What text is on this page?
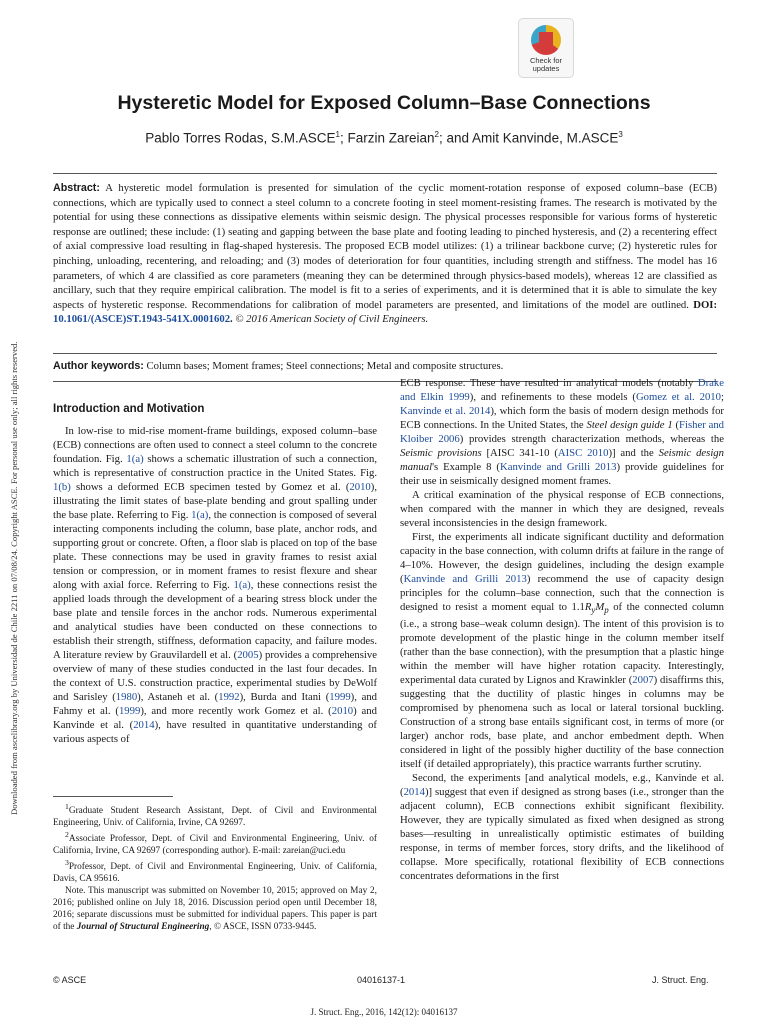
Downloaded from ascelibrary.org by Universidad de Chile 2211 on 07/08/24. Copyright ASCE. For personal use only; all rights reserved.
Check for
updates
Hysteretic Model for Exposed Column–Base Connections
Pablo Torres Rodas, S.M.ASCE$^1$; Farzin Zareian$^2$; and Amit Kanvinde, M.ASCE$^3$
Abstract: A hysteretic model formulation is presented for simulation of the cyclic moment-rotation response of exposed column–base (ECB) connections, which are typically used to connect a steel column to a concrete footing in steel moment-resisting frames. The research is motivated by the potential for using these connections as dissipative elements within seismic design. The physical processes responsible for various forms of hysteretic response are outlined; these include: (1) seating and gapping between the base plate and footing leading to pinched hysteresis, and (2) a recentering effect of axial compressive load resulting in flag-shaped hysteresis. The proposed ECB model utilizes: (1) a trilinear backbone curve; (2) hysteretic rules for pinching, unloading, recentering, and reloading; and (3) modes of deterioration for four quantities, including strength and stiffness. The model has 16 parameters, of which 4 are classified as core parameters (meaning they can be determined through physics-based models), whereas 12 are classified as ancillary, such that they require empirical calibration. The model is fit to a series of experiments, and it is determined that it is able to simulate the key aspects of hysteretic response. Recommendations for calibration of model parameters are presented, and limitations of the model are outlined. DOI: 10.1061/(ASCE)ST.1943-541X.0001602. © 2016 American Society of Civil Engineers.
Author keywords: Column bases; Moment frames; Steel connections; Metal and composite structures.
Introduction and Motivation

In low-rise to mid-rise moment-frame buildings, exposed column–base (ECB) connections are often used to connect a steel column to the concrete foundation. Fig. 1(a) shows a schematic illustration of such a connection, which is representative of construction practice in the United States. Fig. 1(b) shows a deformed ECB specimen tested by Gomez et al. (2010), illustrating the limit states of base-plate bending and grout spalling under the base plate. Referring to Fig. 1(a), the connection is composed of several interacting components including the column, base plate, anchor rods, and supporting grout or concrete. Often, a floor slab is placed on top of the base plate. These connections may be used in gravity frames to resist axial tension or compression, or in moment frames to resist flexure and shear along with axial force. Referring to Fig. 1(a), these connections resist the applied loads through the development of a bearing stress block under the base plate and tensile forces in the anchor rods. Numerous experimental and analytical studies have been conducted on these connections to establish their strength, stiffness, deformation capacity, and failure modes. A literature review by Grauvilardell et al. (2005) provides a comprehensive overview of many of these studies conducted in the last four decades. In the context of U.S. construction practice, experimental studies by DeWolf and Sarisley (1980), Astaneh et al. (1992), Burda and Itani (1999), and Fahmy et al. (1999), and more recently work Gomez et al. (2010) and Kanvinde et al. (2014), have resulted in quantitative understanding of various aspects of

$^1$Graduate Student Research Assistant, Dept. of Civil and Environmental Engineering, Univ. of California, Irvine, CA 92697.

$^2$Associate Professor, Dept. of Civil and Environmental Engineering, Univ. of California, Irvine, CA 92697 (corresponding author). E-mail: zareian@uci.edu

$^3$Professor, Dept. of Civil and Environmental Engineering, Univ. of California, Davis, CA 95616.

Note. This manuscript was submitted on November 10, 2015; approved on May 2, 2016; published online on July 18, 2016. Discussion period open until December 18, 2016; separate discussions must be submitted for individual papers. This paper is part of the Journal of Structural Engineering, © ASCE, ISSN 0733-9445.

ECB response. These have resulted in analytical models (notably Drake and Elkin 1999), and refinements to these models (Gomez et al. 2010; Kanvinde et al. 2014), which form the basis of modern design methods for ECB connections. In the United States, the Steel design guide 1 (Fisher and Kloiber 2006) provides strength characterization methods, whereas the Seismic provisions [AISC 341-10 (AISC 2010)] and the Seismic design manual's Example 8 (Kanvinde and Grilli 2013) provide guidelines for their use in seismically designed moment frames.

A critical examination of the physical response of ECB connections, when compared with the manner in which they are designed, reveals several inconsistencies in the design framework.

First, the experiments all indicate significant ductility and deformation capacity in the base connection, with column drifts at failure in the range of 4–10%. However, the design guidelines, including the design example (Kanvinde and Grilli 2013) recommend the use of capacity design principles for the column–base connection, such that the connection is designed to resist a moment equal to $1.1R_yM_p$ of the connected column (i.e., a strong base–weak column design). The intent of this provision is to promote development of the plastic hinge in the column member itself (rather than the base connection), with the presumption that a plastic hinge within the member will have higher rotation capacity. Interestingly, experimental data curated by Lignos and Krawinkler (2007) disaffirms this, suggesting that the ductility of plastic hinges in columns may be compromised by phenomena such as local or lateral torsional buckling. Construction of a strong base entails significant cost, in terms of more (or larger) anchor rods, base plate, and anchor embedment depth. When considered in light of the possibly higher ductility of the base connection itself (if detailed appropriately), this practice warrants further scrutiny.

Second, the experiments [and analytical models, e.g., Kanvinde et al. (2014)] suggest that even if designed as strong bases (i.e., stronger than the adjacent column), ECB connections exhibit significant flexibility. However, they are typically simulated as fixed when designed as strong bases—resulting in unrealistically optimistic estimates of building response, in terms of member forces, story drifts, and the likelihood of collapse. More specifically, rotational flexibility of ECB connections concentrates deformations in the first

© ASCE	04016137-1	J. Struct. Eng.
J. Struct. Eng., 2016, 142(12): 04016137
